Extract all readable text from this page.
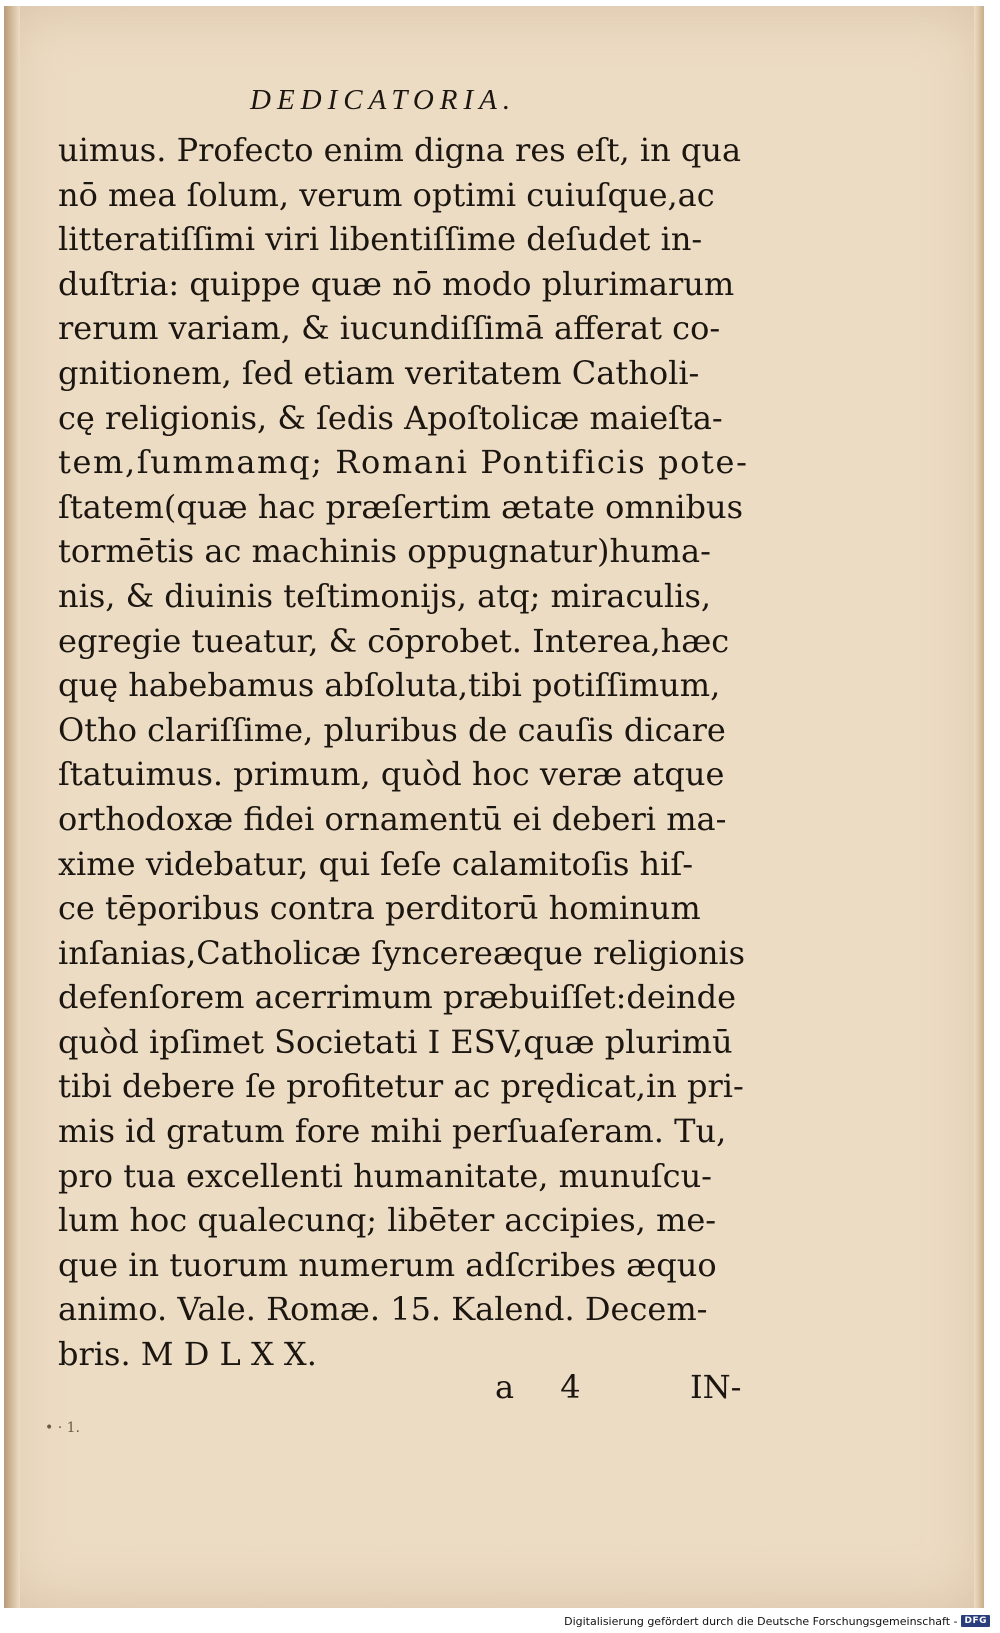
DEDICATORIA.
uimus. Profecto enim digna res eſt, in qua
nō mea ſolum, verum optimi cuiuſque,ac
litteratiſſimi viri libentiſſime deſudet in-
duſtria: quippe quæ nō modo plurimarum
rerum variam, & iucundiſſimā afferat co-
gnitionem, ſed etiam veritatem Catholi-
cę religionis, & ſedis Apoſtolicæ maieſta-
tem,ſummamq; Romani Pontificis pote-
ſtatem(quæ hac præſertim ætate omnibus
tormētis ac machinis oppugnatur)huma-
nis, & diuinis teſtimonijs, atq; miraculis,
egregie tueatur, & cōprobet. Interea,hæc
quę habebamus abſoluta,tibi potiſſimum,
Otho clariſſime, pluribus de cauſis dicare
ſtatuimus. primum, quòd hoc veræ atque
orthodoxæ fidei ornamentū ei deberi ma-
xime videbatur, qui ſeſe calamitoſis hiſ-
ce tēporibus contra perditorū hominum
inſanias,Catholicæ ſyncereæque religionis
defenſorem acerrimum præbuiſſet:deinde
quòd ipſimet Societati I ESV,quæ plurimū
tibi debere ſe profitetur ac prędicat,in pri-
mis id gratum fore mihi perſuaſeram. Tu,
pro tua excellenti humanitate, munuſcu-
lum hoc qualecunq; libēter accipies, me-
que in tuorum numerum adſcribes æquo
animo. Vale. Romæ. 15. Kalend. Decem-
bris. M D L X X.
a 4	IN-
• · 1.
Digitalisierung gefördert durch die Deutsche Forschungsgemeinschaft - DFG
